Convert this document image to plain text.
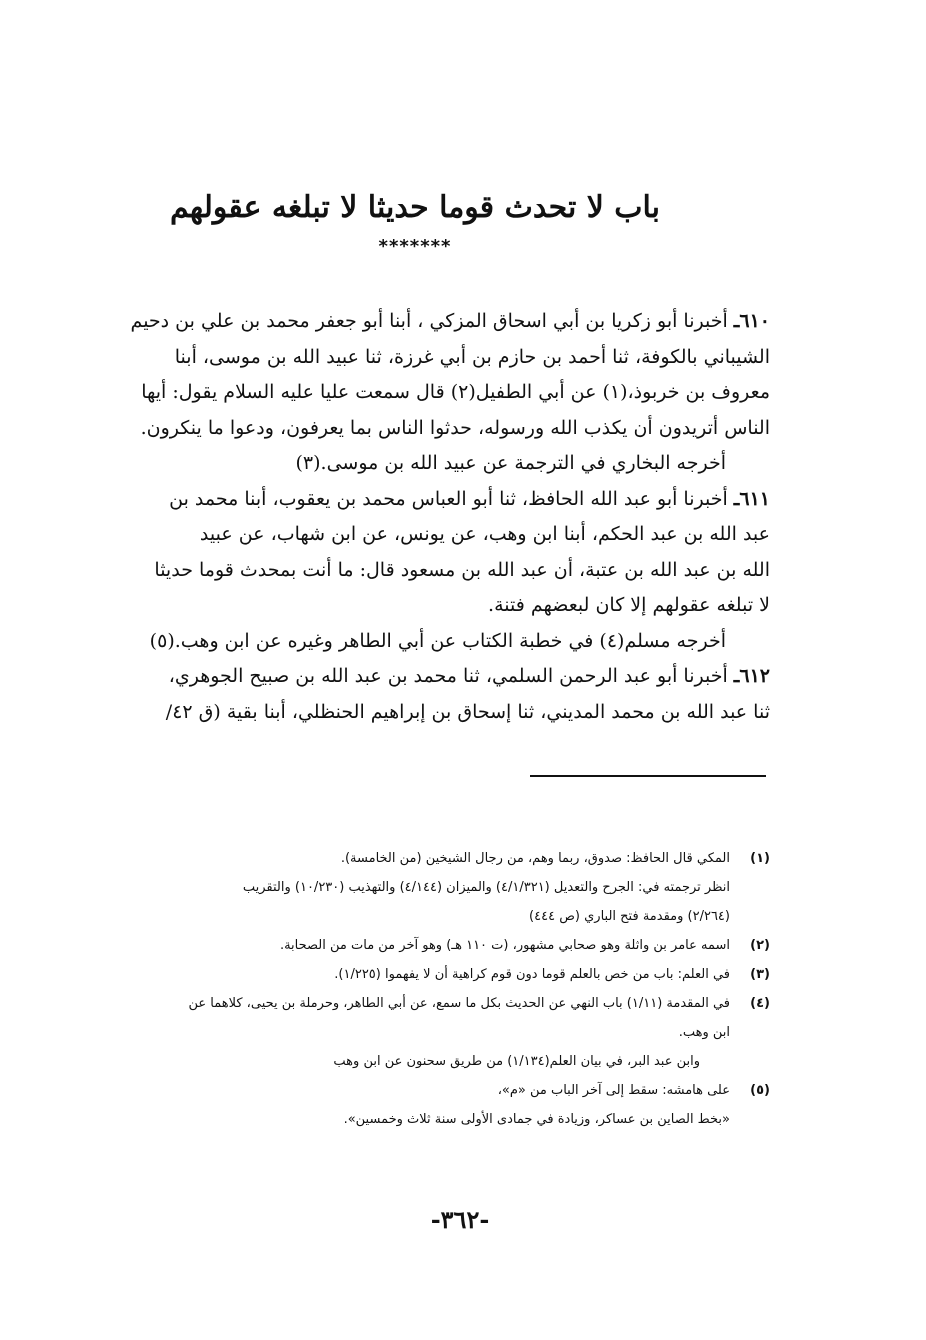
باب لا تحدث قوما حديثا لا تبلغه عقولهم
*******
٦١٠ـ أخبرنا أبو زكريا بن أبي اسحاق المزكي ، أبنا أبو جعفر محمد بن علي بن دحيم
الشيباني بالكوفة، ثنا أحمد بن حازم بن أبي غرزة، ثنا عبيد الله بن موسى، أبنا
معروف بن خربوذ،(١) عن أبي الطفيل(٢) قال سمعت عليا عليه السلام يقول: أيها
الناس أتريدون أن يكذب الله ورسوله، حدثوا الناس بما يعرفون، ودعوا ما ينكرون.
أخرجه البخاري في الترجمة عن عبيد الله بن موسى.(٣)
٦١١ـ أخبرنا أبو عبد الله الحافظ، ثنا أبو العباس محمد بن يعقوب، أبنا محمد بن
عبد الله بن عبد الحكم، أبنا ابن وهب، عن يونس، عن ابن شهاب، عن عبيد
الله بن عبد الله بن عتبة، أن عبد الله بن مسعود قال: ما أنت بمحدث قوما حديثا
لا تبلغه عقولهم إلا كان لبعضهم فتنة.
أخرجه مسلم(٤) في خطبة الكتاب عن أبي الطاهر وغيره عن ابن وهب.(٥)
٦١٢ـ أخبرنا أبو عبد الرحمن السلمي، ثنا محمد بن عبد الله بن صبيح الجوهري،
ثنا عبد الله بن محمد المديني، ثنا إسحاق بن إبراهيم الحنظلي، أبنا بقية (ق ٤٢/
(١)
المكي قال الحافظ: صدوق، ربما وهم، من رجال الشيخين (من الخامسة).
انظر ترجمته في: الجرح والتعديل (٤/١/٣٢١) والميزان (٤/١٤٤) والتهذيب (١٠/٢٣٠) والتقريب
(٢/٢٦٤) ومقدمة فتح الباري (ص ٤٤٤)
(٢)
اسمه عامر بن واثلة وهو صحابي مشهور، (ت ١١٠ هـ) وهو آخر من مات من الصحابة.
(٣)
في العلم: باب من خص بالعلم قوما دون قوم كراهية أن لا يفهموا (١/٢٢٥).
(٤)
في المقدمة (١/١١) باب النهي عن الحديث بكل ما سمع، عن أبي الطاهر، وحرملة بن يحيى، كلاهما عن
ابن وهب.
وابن عبد البر، في بيان العلم(١/١٣٤) من طريق سحنون عن ابن وهب
(٥)
على هامشه: سقط إلى آخر الباب من «م»،
«بخط الصاين بن عساكر، وزيادة في جمادى الأولى سنة ثلاث وخمسين».
-٣٦٢-
